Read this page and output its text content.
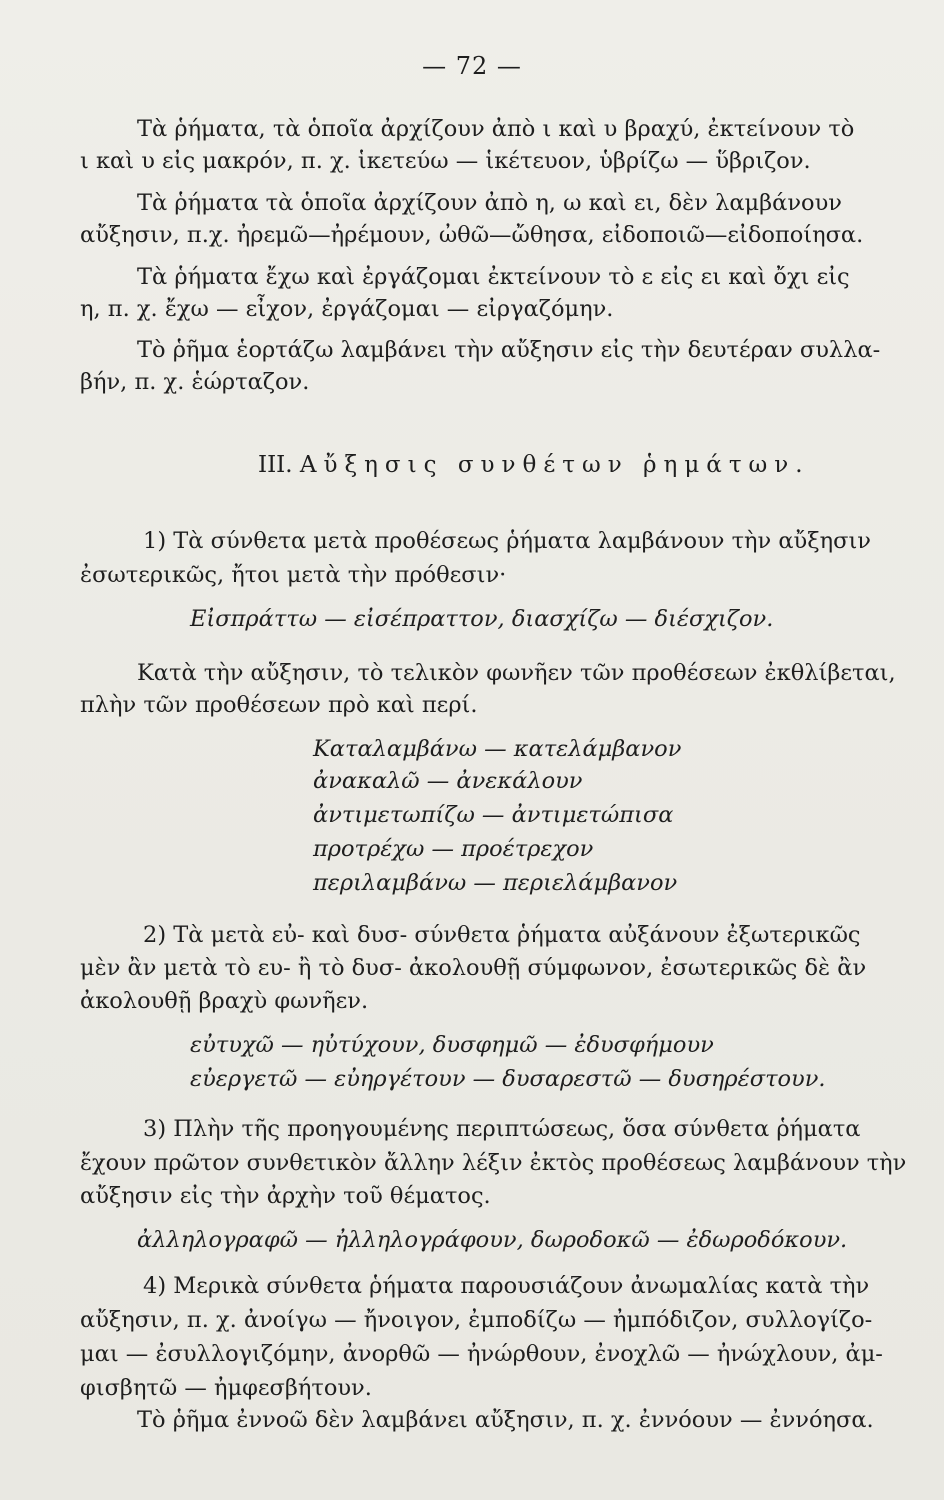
— 72 —
Τὰ ῥήματα, τὰ ὁποῖα ἀρχίζουν ἀπὸ ι καὶ υ βραχύ, ἐκτείνουν τὸ
ι καὶ υ εἰς μακρόν, π. χ. ἱκετεύω — ἱκέτευον, ὑβρίζω — ὕβριζον.
Τὰ ῥήματα τὰ ὁποῖα ἀρχίζουν ἀπὸ η, ω καὶ ει, δὲν λαμβάνουν
αὔξησιν, π.χ. ἠρεμῶ—ἠρέμουν, ὠθῶ—ὤθησα, εἰδοποιῶ—εἰδοποίησα.
Τὰ ῥήματα ἔχω καὶ ἐργάζομαι ἐκτείνουν τὸ ε εἰς ει καὶ ὄχι εἰς
η, π. χ. ἔχω — εἶχον, ἐργάζομαι — εἰργαζόμην.
Τὸ ῥῆμα ἑορτάζω λαμβάνει τὴν αὔξησιν εἰς τὴν δευτέραν συλλα-
βήν, π. χ. ἑώρταζον.
III. Αὔξησις συνθέτων ῥημάτων.
1) Τὰ σύνθετα μετὰ προθέσεως ῥήματα λαμβάνουν τὴν αὔξησιν
ἐσωτερικῶς, ἤτοι μετὰ τὴν πρόθεσιν·
Εἰσπράττω — εἰσέπραττον, διασχίζω — διέσχιζον.
Κατὰ τὴν αὔξησιν, τὸ τελικὸν φωνῆεν τῶν προθέσεων ἐκθλίβεται,
πλὴν τῶν προθέσεων πρὸ καὶ περί.
Καταλαμβάνω — κατελάμβανον
ἀνακαλῶ — ἀνεκάλουν
ἀντιμετωπίζω — ἀντιμετώπισα
προτρέχω — προέτρεχον
περιλαμβάνω — περιελάμβανον
2) Τὰ μετὰ εὐ- καὶ δυσ- σύνθετα ῥήματα αὐξάνουν ἐξωτερικῶς
μὲν ἂν μετὰ τὸ ευ- ἢ τὸ δυσ- ἀκολουθῇ σύμφωνον, ἐσωτερικῶς δὲ ἂν
ἀκολουθῇ βραχὺ φωνῆεν.
εὐτυχῶ — ηὐτύχουν, δυσφημῶ — ἐδυσφήμουν
εὐεργετῶ — εὐηργέτουν — δυσαρεστῶ — δυσηρέστουν.
3) Πλὴν τῆς προηγουμένης περιπτώσεως, ὅσα σύνθετα ῥήματα
ἔχουν πρῶτον συνθετικὸν ἄλλην λέξιν ἐκτὸς προθέσεως λαμβάνουν τὴν
αὔξησιν εἰς τὴν ἀρχὴν τοῦ θέματος.
ἀλληλογραφῶ — ἠλληλογράφουν, δωροδοκῶ — ἐδωροδόκουν.
4) Μερικὰ σύνθετα ῥήματα παρουσιάζουν ἀνωμαλίας κατὰ τὴν
αὔξησιν, π. χ. ἀνοίγω — ἤνοιγον, ἐμποδίζω — ἠμπόδιζον, συλλογίζο-
μαι — ἐσυλλογιζόμην, ἀνορθῶ — ἠνώρθουν, ἐνοχλῶ — ἠνώχλουν, ἀμ-
φισβητῶ — ἠμφεσβήτουν.
Τὸ ῥῆμα ἐννοῶ δὲν λαμβάνει αὔξησιν, π. χ. ἐννόουν — ἐννόησα.
